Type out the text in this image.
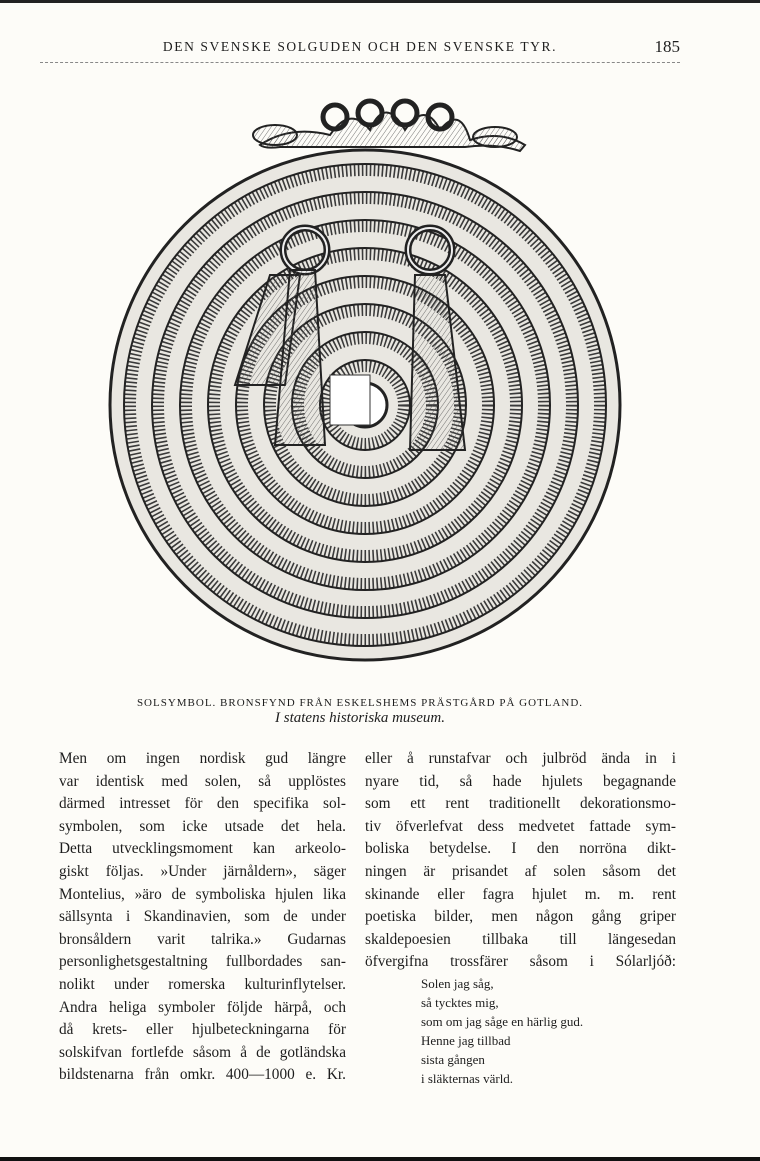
DEN SVENSKE SOLGUDEN OCH DEN SVENSKE TYR.	185
SOLSYMBOL. BRONSFYND FRÅN ESKELSHEMS PRÄSTGÅRD PÅ GOTLAND.
I statens historiska museum.
Men om ingen nordisk gud längre
var identisk med solen, så upplöstes
därmed intresset för den specifika sol-
symbolen, som icke utsade det hela.
Detta utvecklingsmoment kan arkeolo-
giskt följas. »Under järnåldern», säger
Montelius, »äro de symboliska hjulen lika
sällsynta i Skandinavien, som de under
bronsåldern varit talrika.» Gudarnas
personlighetsgestaltning fullbordades san-
nolikt under romerska kulturinflytelser.
Andra heliga symboler följde härpå, och
då krets- eller hjulbeteckningarna för
solskifvan fortlefde såsom å de gotländska
bildstenarna från omkr. 400—1000 e. Kr.
eller å runstafvar och julbröd ända in i
nyare tid, så hade hjulets begagnande
som ett rent traditionellt dekorationsmo-
tiv öfverlefvat dess medvetet fattade sym-
boliska betydelse. I den norröna dikt-
ningen är prisandet af solen såsom det
skinande eller fagra hjulet m. m. rent
poetiska bilder, men någon gång griper
skaldepoesien tillbaka till längesedan
öfvergifna trossfärer såsom i Sólarljóð:
Solen jag såg,
så tycktes mig,
som om jag såge en härlig gud.
Henne jag tillbad
sista gången
i släkternas värld.
